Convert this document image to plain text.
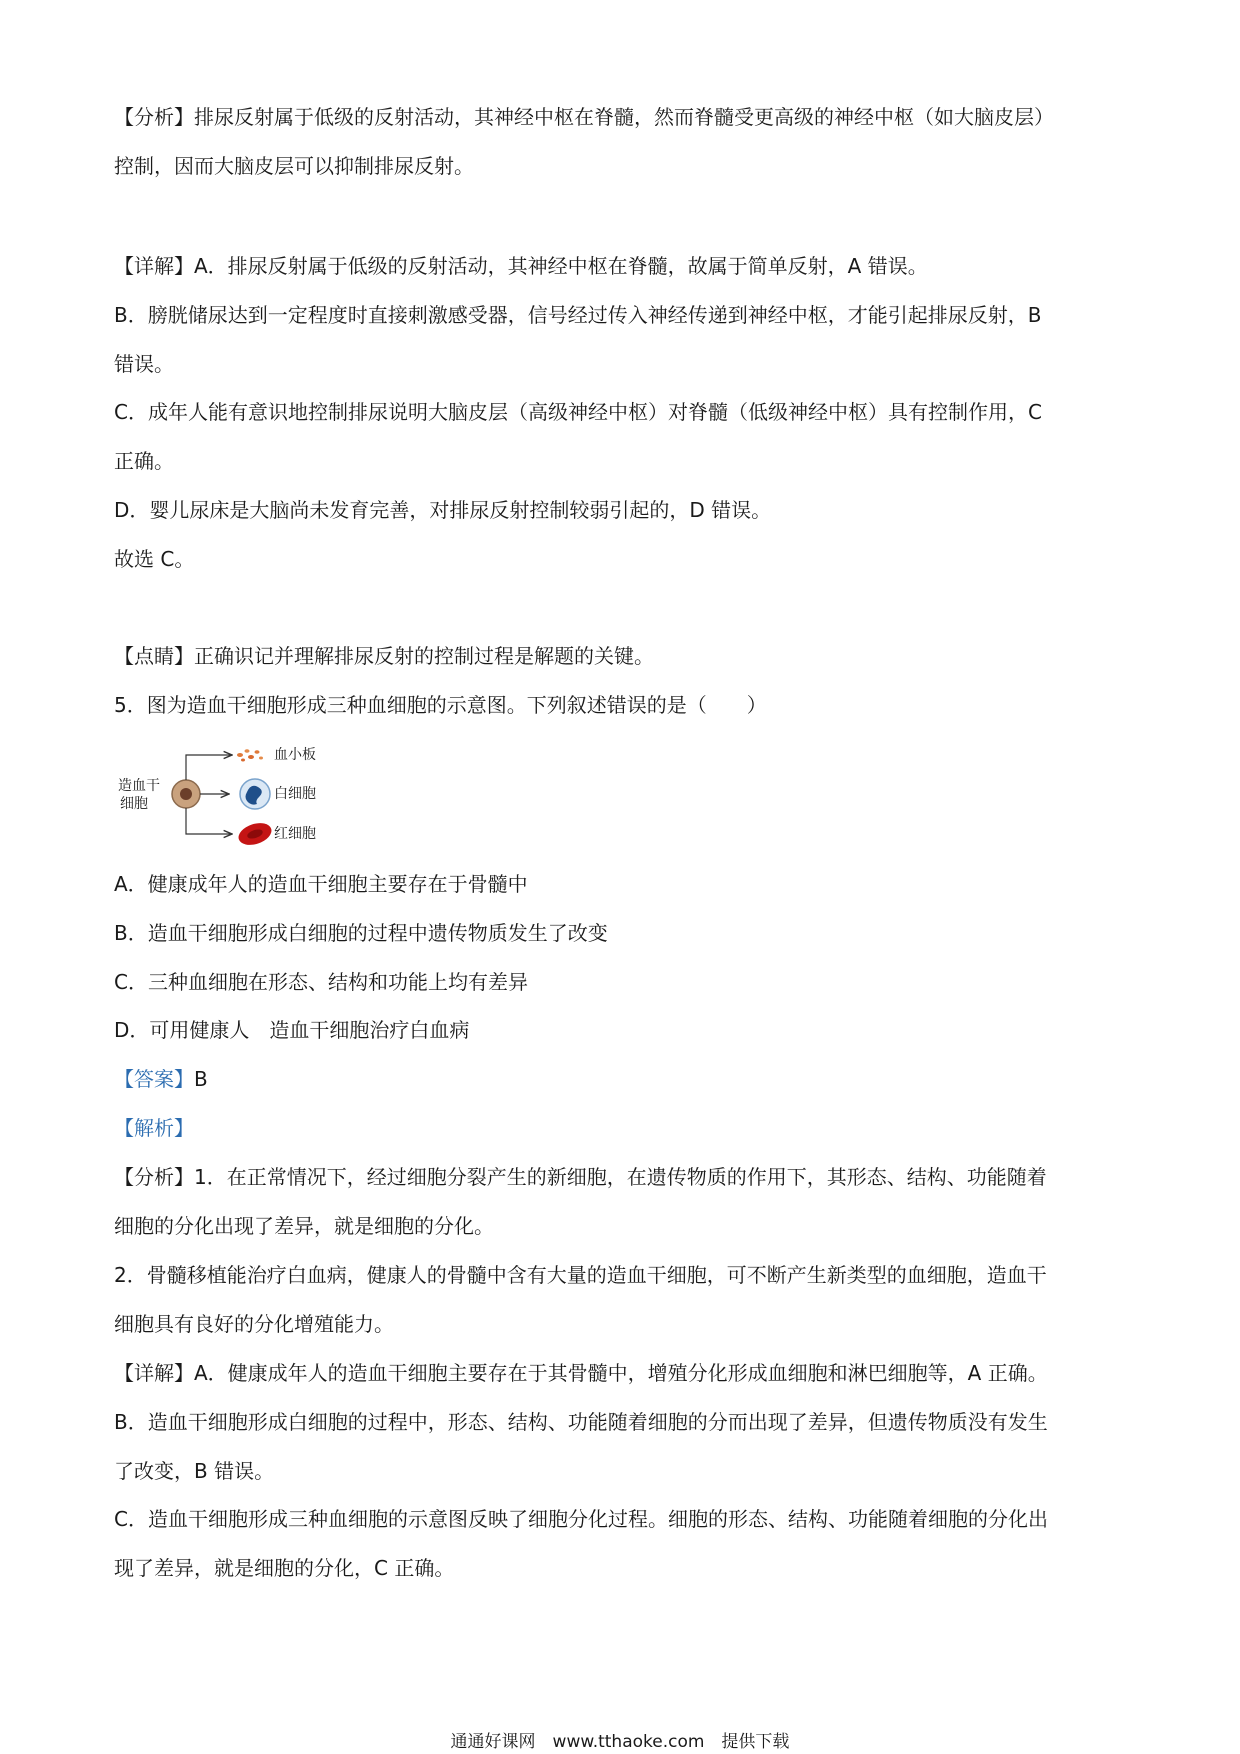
【分析】排尿反射属于低级的反射活动，其神经中枢在脊髓，然而脊髓受更高级的神经中枢（如大脑皮层）
控制，因而大脑皮层可以抑制排尿反射。
【详解】A．排尿反射属于低级的反射活动，其神经中枢在脊髓，故属于简单反射，A 错误。
B．膀胱储尿达到一定程度时直接刺激感受器，信号经过传入神经传递到神经中枢，才能引起排尿反射，B
错误。
C．成年人能有意识地控制排尿说明大脑皮层（高级神经中枢）对脊髓（低级神经中枢）具有控制作用，C
正确。
D．婴儿尿床是大脑尚未发育完善，对排尿反射控制较弱引起的，D 错误。
故选 C。
【点睛】正确识记并理解排尿反射的控制过程是解题的关键。
5．图为造血干细胞形成三种血细胞的示意图。下列叙述错误的是（　　）
造血干
细胞
血小板
白细胞
红细胞
A．健康成年人的造血干细胞主要存在于骨髓中
B．造血干细胞形成白细胞的过程中遗传物质发生了改变
C．三种血细胞在形态、结构和功能上均有差异
D．可用健康人　造血干细胞治疗白血病
【答案】B
【解析】
【分析】1．在正常情况下，经过细胞分裂产生的新细胞，在遗传物质的作用下，其形态、结构、功能随着
细胞的分化出现了差异，就是细胞的分化。
2．骨髓移植能治疗白血病，健康人的骨髓中含有大量的造血干细胞，可不断产生新类型的血细胞，造血干
细胞具有良好的分化增殖能力。
【详解】A．健康成年人的造血干细胞主要存在于其骨髓中，增殖分化形成血细胞和淋巴细胞等，A 正确。
B．造血干细胞形成白细胞的过程中，形态、结构、功能随着细胞的分而出现了差异，但遗传物质没有发生
了改变，B 错误。
C．造血干细胞形成三种血细胞的示意图反映了细胞分化过程。细胞的形态、结构、功能随着细胞的分化出
现了差异，就是细胞的分化，C 正确。
通通好课网　www.tthaoke.com　提供下载
